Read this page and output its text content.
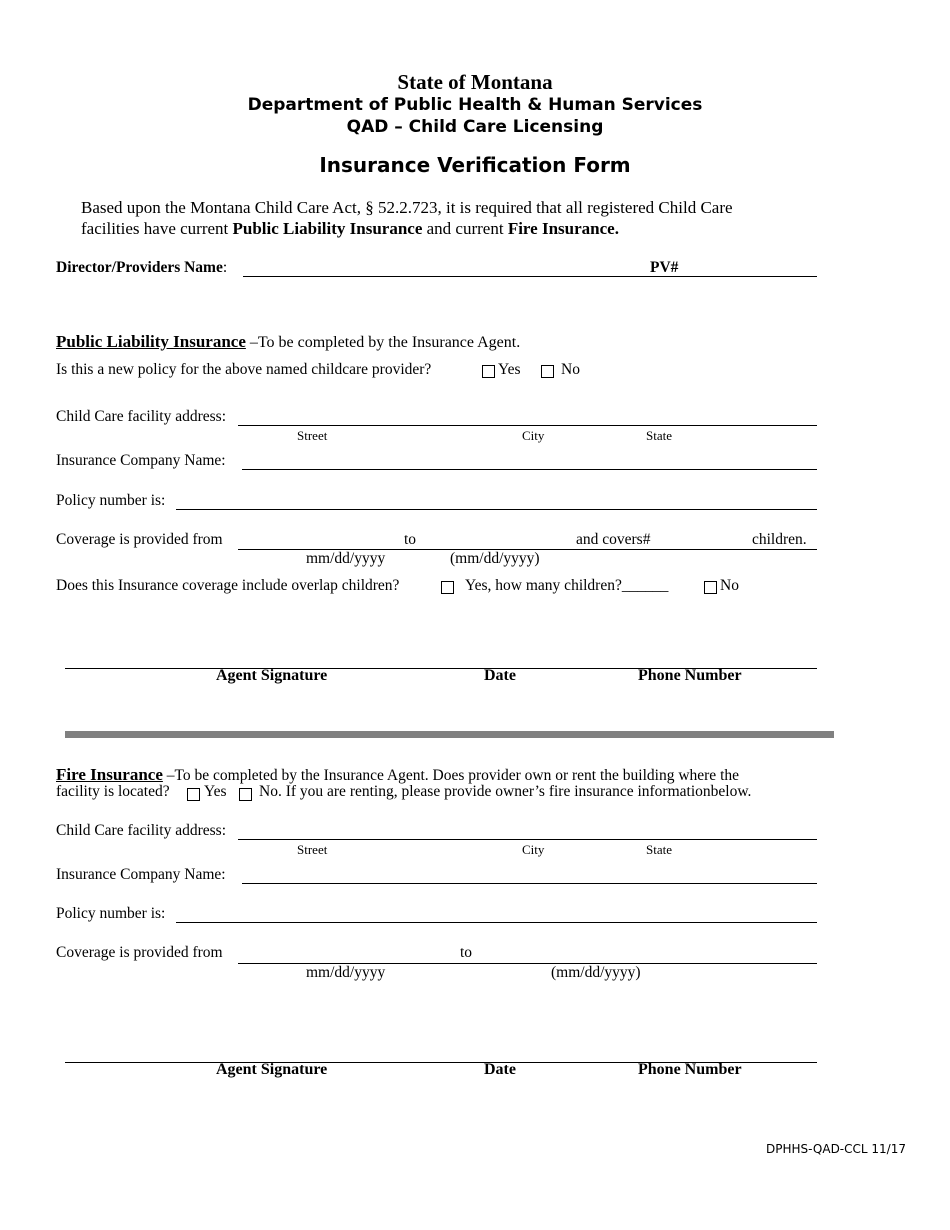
State of Montana
Department of Public Health & Human Services
QAD – Child Care Licensing
Insurance Verification Form
Based upon the Montana Child Care Act, § 52.2.723, it is required that all registered Child Care
facilities have current Public Liability Insurance and current Fire Insurance.
Director/Providers Name:	PV#
Public Liability Insurance –To be completed by the Insurance Agent.
Is this a new policy for the above named childcare provider?	Yes	No
Child Care facility address:
Street	City	State
Insurance Company Name:
Policy number is:
Coverage is provided from	to	and covers#	children.
mm/dd/yyyy	(mm/dd/yyyy)
Does this Insurance coverage include overlap children?	Yes, how many children?______	No
Agent Signature	Date	Phone Number
Fire Insurance –To be completed by the Insurance Agent. Does provider own or rent the building where the
facility is located? Yes No. If you are renting, please provide owner’s fire insurance informationbelow.
Child Care facility address:
Street	City	State
Insurance Company Name:
Policy number is:
Coverage is provided from	to
mm/dd/yyyy	(mm/dd/yyyy)
Agent Signature	Date	Phone Number
DPHHS-QAD-CCL 11/17
